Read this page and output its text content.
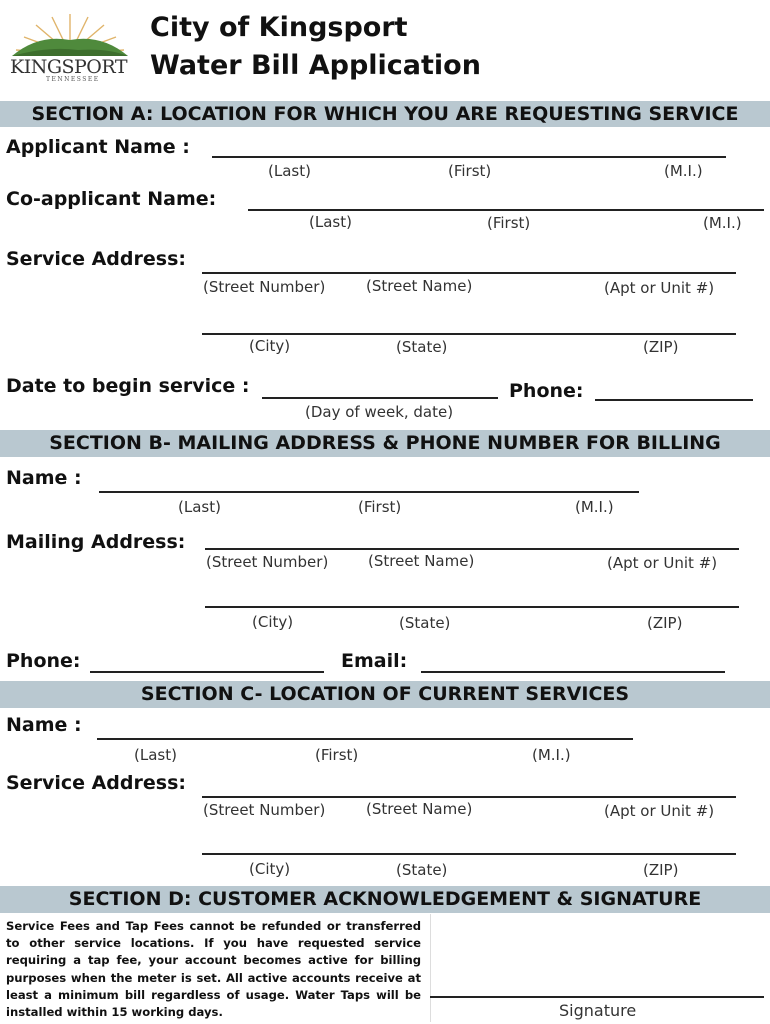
KINGSPORT
TENNESSEE
City of Kingsport
Water Bill Application
SECTION A: LOCATION FOR WHICH YOU ARE REQUESTING SERVICE
Applicant Name :
(Last)	(First)	(M.I.)
Co-applicant Name:
(Last)	(First)	(M.I.)
Service Address:
(Street Number)	(Street Name)	(Apt or Unit #)
(City)	(State)	(ZIP)
Date to begin service :
(Day of week, date)
Phone:
SECTION B- MAILING ADDRESS & PHONE NUMBER FOR BILLING
Name :
(Last)	(First)	(M.I.)
Mailing Address:
(Street Number)	(Street Name)	(Apt or Unit #)
(City)	(State)	(ZIP)
Phone:	Email:
SECTION C- LOCATION OF CURRENT SERVICES
Name :
(Last)	(First)	(M.I.)
Service Address:
(Street Number)	(Street Name)	(Apt or Unit #)
(City)	(State)	(ZIP)
SECTION D: CUSTOMER ACKNOWLEDGEMENT & SIGNATURE
Service Fees and Tap Fees cannot be refunded or transferred to other service locations. If you have requested service requiring a tap fee, your account becomes active for billing purposes when the meter is set. All active accounts receive at least a minimum bill regardless of usage. Water Taps will be installed within 15 working days.	Signature
